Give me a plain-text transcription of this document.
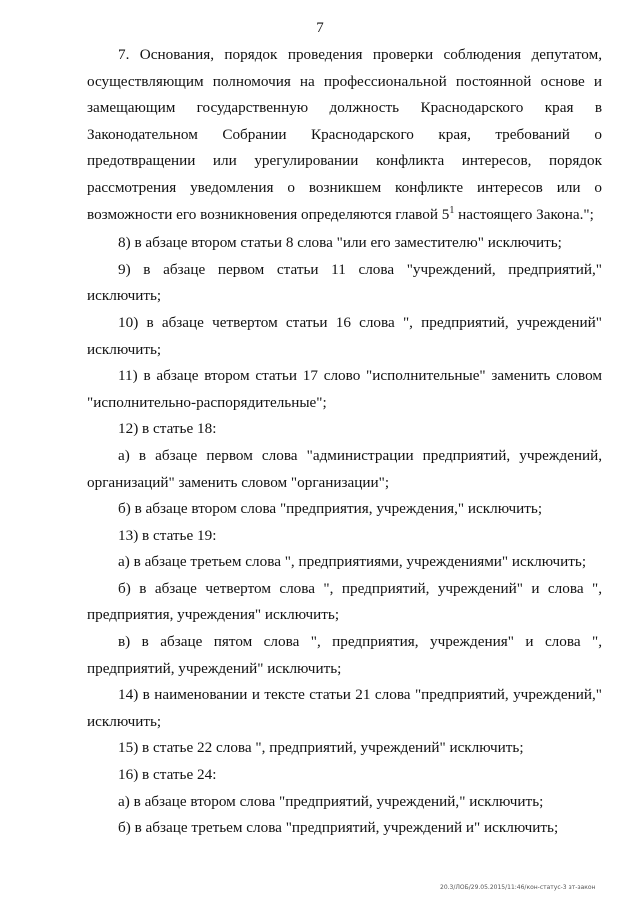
7

7. Основания, порядок проведения проверки соблюдения депутатом, осуществляющим полномочия на профессиональной постоянной основе и замещающим государственную должность Краснодарского края в Законодательном Собрании Краснодарского края, требований о предотвращении или урегулировании конфликта интересов, порядок рассмотрения уведомления о возникшем конфликте интересов или о возможности его возникновения определяются главой $5^1$ настоящего Закона.";

8) в абзаце втором статьи 8 слова "или его заместителю" исключить;

9) в абзаце первом статьи 11 слова "учреждений, предприятий," исключить;

10) в абзаце четвертом статьи 16 слова ", предприятий, учреждений" исключить;

11) в абзаце втором статьи 17 слово "исполнительные" заменить словом "исполнительно-распорядительные";

12) в статье 18:

а) в абзаце первом слова "администрации предприятий, учреждений, организаций" заменить словом "организации";

б) в абзаце втором слова "предприятия, учреждения," исключить;

13) в статье 19:

а) в абзаце третьем слова ", предприятиями, учреждениями" исключить;

б) в абзаце четвертом слова ", предприятий, учреждений" и слова ", предприятия, учреждения" исключить;

в) в абзаце пятом слова ", предприятия, учреждения" и слова ", предприятий, учреждений" исключить;

14) в наименовании и тексте статьи 21 слова "предприятий, учреждений," исключить;

15) в статье 22 слова ", предприятий, учреждений" исключить;

16) в статье 24:

а) в абзаце втором слова "предприятий, учреждений," исключить;

б) в абзаце третьем слова "предприятий, учреждений и" исключить;

20.3/ЛОБ/29.05.2015/11:46/кон-статус-3 зт-закон
